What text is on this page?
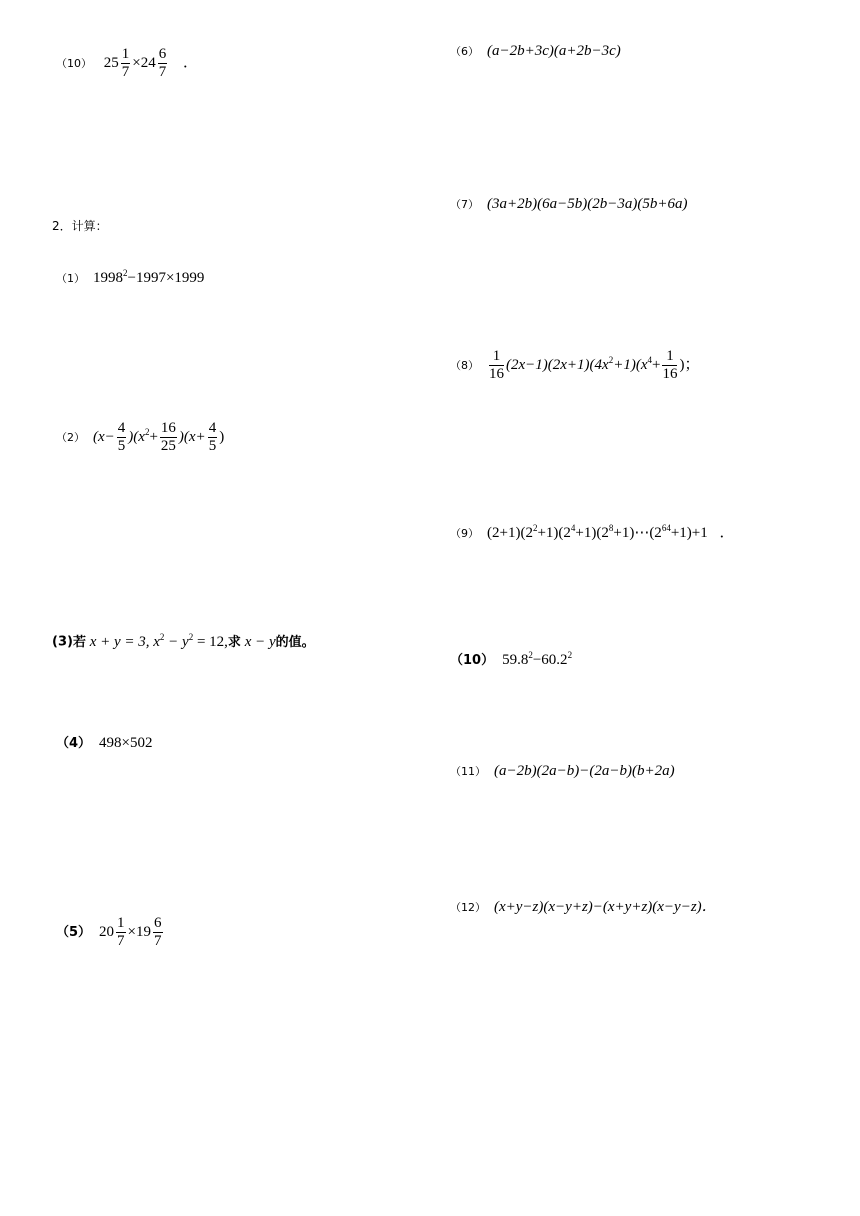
（10） $25 \frac{1}{7} \times 24 \frac{6}{7}$ ．
2．计算：
（1） $1998^2-1997\times 1999$
（2） $(x- \frac{4}{5} )(x^2+ \frac{16}{25} )(x+ \frac{4}{5}$ )
(3)若 x + y = 3, $x^2 - y^2 = 12$,求 x − y的值。
（4） 498×502
（5） $20 \frac{1}{7} \times 19 \frac{6}{7}$
（6） (a−2b+3c)(a+2b−3c)
（7） (3a+2b)(6a−5b)(2b−3a)(5b+6a)
$(8) \frac{1}{16} (2x-1)(2x+1)(4x^2+1)(x^4+ \frac{1}{16}$ )；
（9） $(2+1)(2^2+1)(2^4+1)(2^8+1)\cdots(2^{64}+1)+1$ ．
（10） $59.8^2-60.2^2$
（11） (a−2b)(2a−b)−(2a−b)(b+2a)
（12） (x+y−z)(x−y+z)−(x+y+z)(x−y−z)．
